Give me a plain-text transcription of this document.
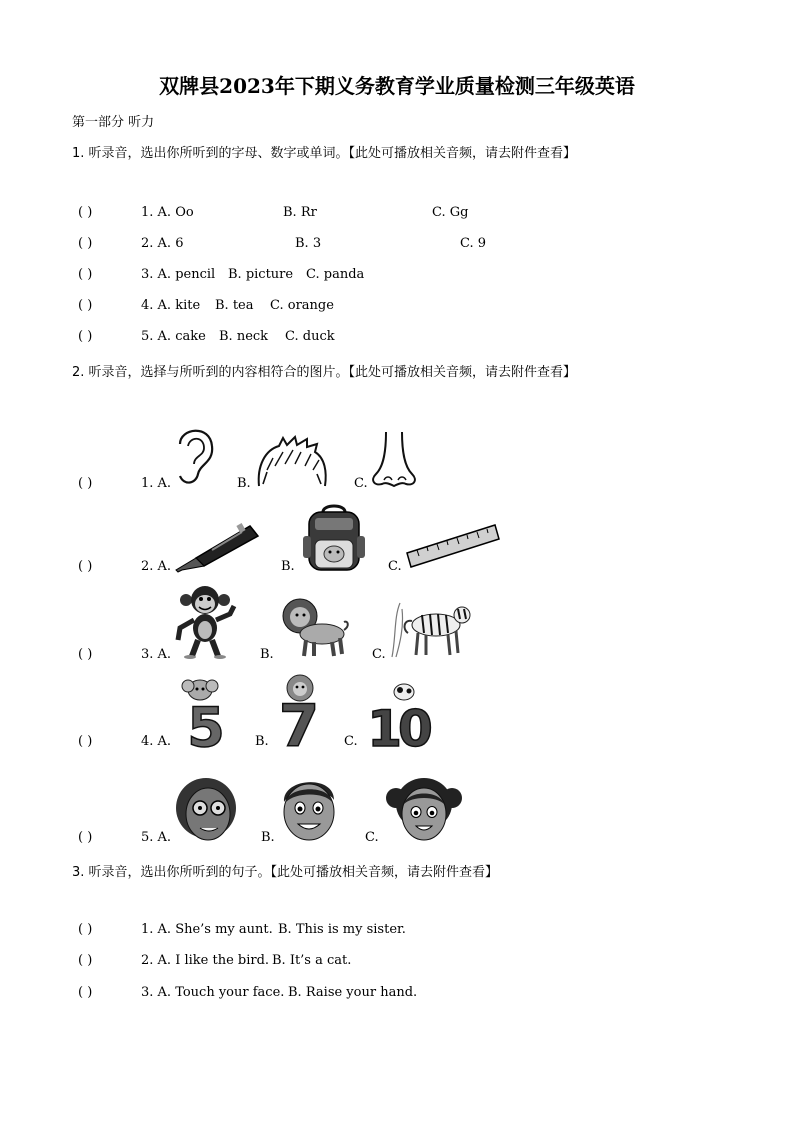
双牌县2023年下期义务教育学业质量检测三年级英语
第一部分 听力
1. 听录音，选出你所听到的字母、数字或单词。【此处可播放相关音频，请去附件查看】
( )	1. A. Oo	B. Rr	C. Gg
( )	2. A. 6	B. 3	C. 9
( )	3. A. pencil B. picture C. panda
( )	4. A. kite B. tea C. orange
( )	5. A. cake B. neck C. duck
2. 听录音，选择与所听到的内容相符合的图片。【此处可播放相关音频，请去附件查看】
( )	1. A.	B.	C.
( )	2. A.	B.	C.
( )	3. A.	B.	C.
( )	4. A.	B.	C.
5 7 10
( )	5. A.	B.	C.
3. 听录音，选出你所听到的句子。【此处可播放相关音频，请去附件查看】
( )	1. A. She’s my aunt. B. This is my sister.
( )	2. A. I like the bird. B. It’s a cat.
( )	3. A. Touch your face. B. Raise your hand.
